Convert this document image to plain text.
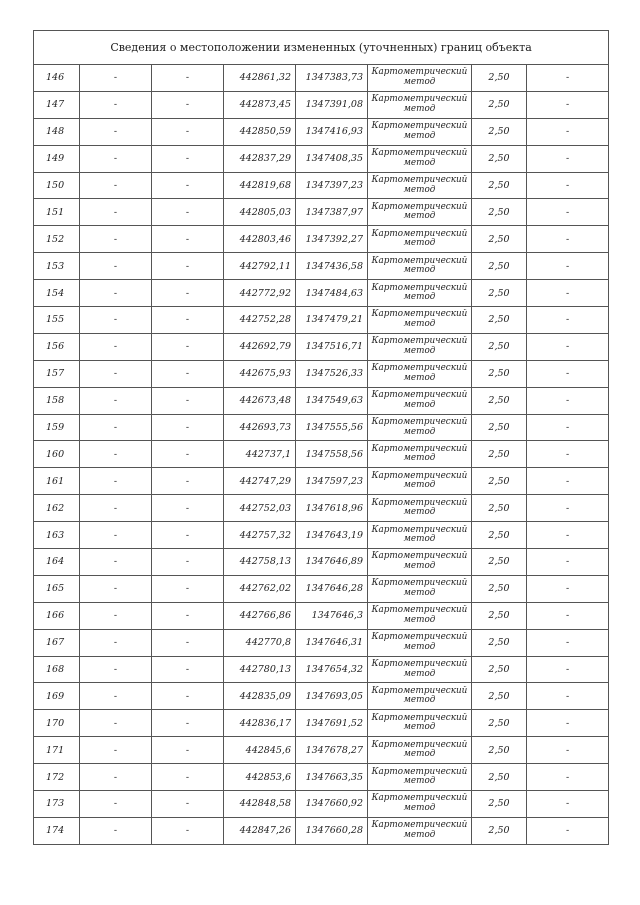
Сведения о местоположении измененных (уточненных) границ объекта							
146	-	-	442861,32	1347383,73	Картометрический метод	2,50	-
147	-	-	442873,45	1347391,08	Картометрический метод	2,50	-
148	-	-	442850,59	1347416,93	Картометрический метод	2,50	-
149	-	-	442837,29	1347408,35	Картометрический метод	2,50	-
150	-	-	442819,68	1347397,23	Картометрический метод	2,50	-
151	-	-	442805,03	1347387,97	Картометрический метод	2,50	-
152	-	-	442803,46	1347392,27	Картометрический метод	2,50	-
153	-	-	442792,11	1347436,58	Картометрический метод	2,50	-
154	-	-	442772,92	1347484,63	Картометрический метод	2,50	-
155	-	-	442752,28	1347479,21	Картометрический метод	2,50	-
156	-	-	442692,79	1347516,71	Картометрический метод	2,50	-
157	-	-	442675,93	1347526,33	Картометрический метод	2,50	-
158	-	-	442673,48	1347549,63	Картометрический метод	2,50	-
159	-	-	442693,73	1347555,56	Картометрический метод	2,50	-
160	-	-	442737,1	1347558,56	Картометрический метод	2,50	-
161	-	-	442747,29	1347597,23	Картометрический метод	2,50	-
162	-	-	442752,03	1347618,96	Картометрический метод	2,50	-
163	-	-	442757,32	1347643,19	Картометрический метод	2,50	-
164	-	-	442758,13	1347646,89	Картометрический метод	2,50	-
165	-	-	442762,02	1347646,28	Картометрический метод	2,50	-
166	-	-	442766,86	1347646,3	Картометрический метод	2,50	-
167	-	-	442770,8	1347646,31	Картометрический метод	2,50	-
168	-	-	442780,13	1347654,32	Картометрический метод	2,50	-
169	-	-	442835,09	1347693,05	Картометрический метод	2,50	-
170	-	-	442836,17	1347691,52	Картометрический метод	2,50	-
171	-	-	442845,6	1347678,27	Картометрический метод	2,50	-
172	-	-	442853,6	1347663,35	Картометрический метод	2,50	-
173	-	-	442848,58	1347660,92	Картометрический метод	2,50	-
174	-	-	442847,26	1347660,28	Картометрический метод	2,50	-
